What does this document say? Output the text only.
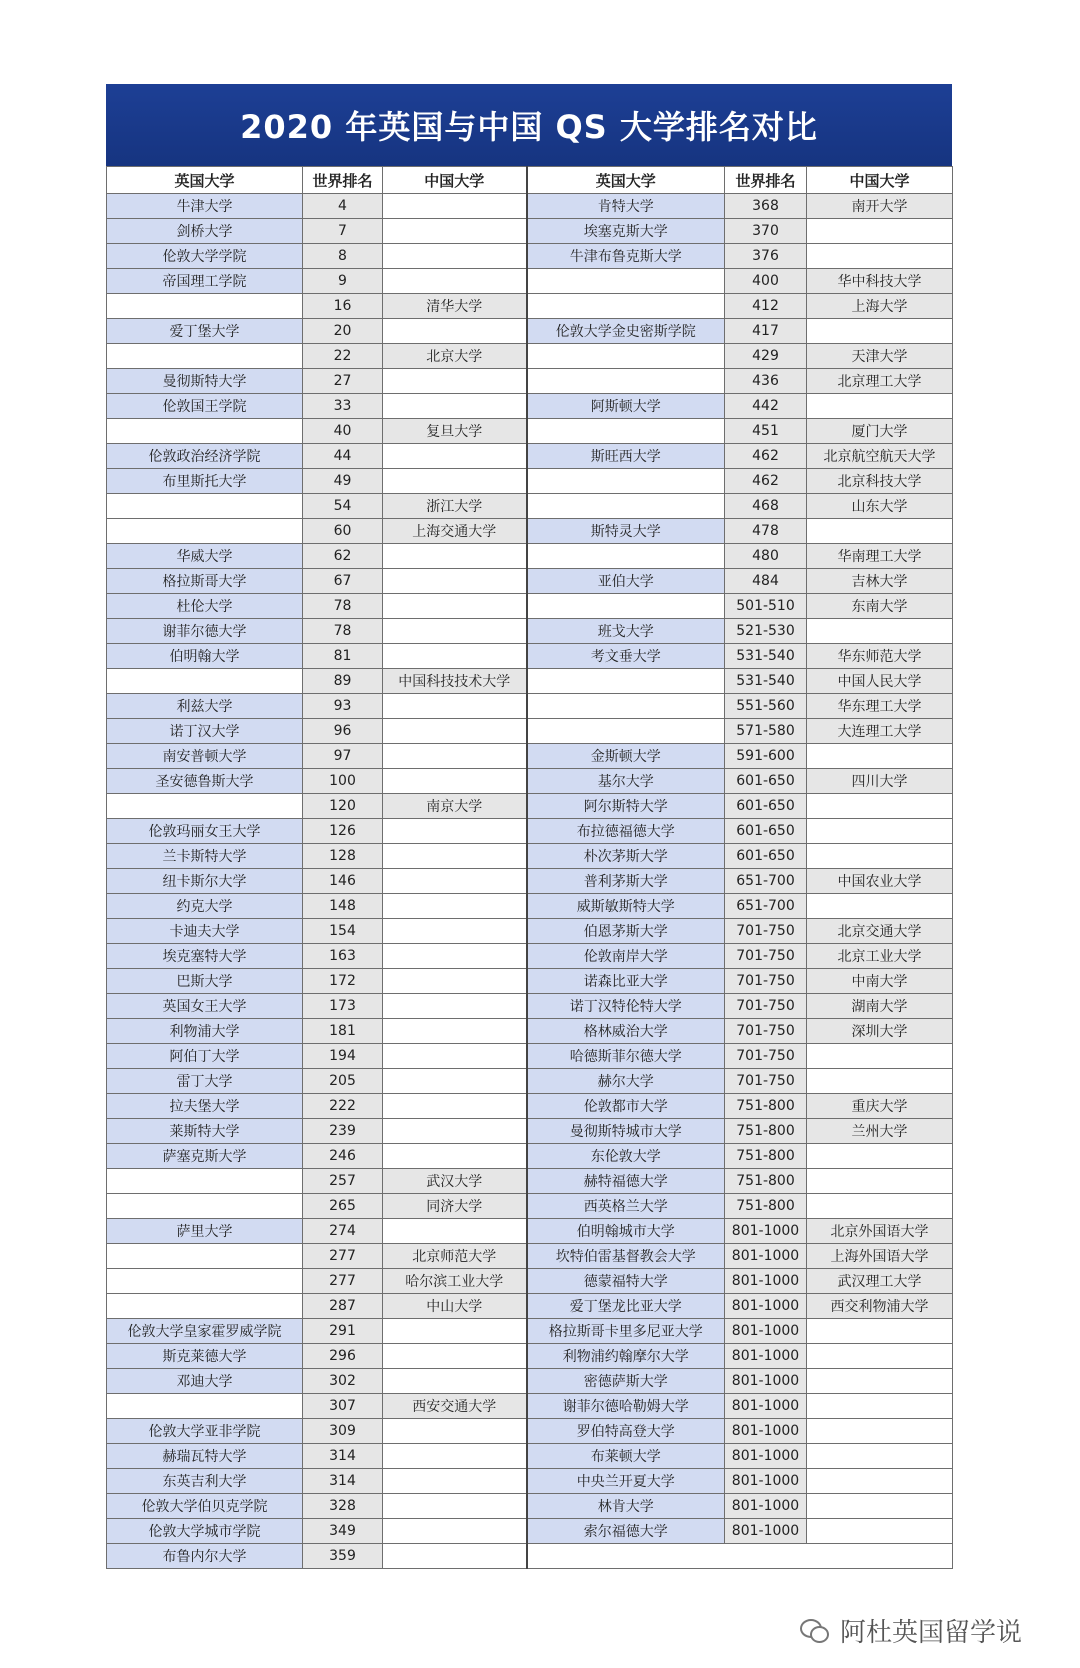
2020 年英国与中国 QS 大学排名对比
英国大学	世界排名	中国大学	英国大学	世界排名	中国大学
牛津大学	4		肯特大学	368	南开大学
剑桥大学	7		埃塞克斯大学	370	
伦敦大学学院	8		牛津布鲁克斯大学	376	
帝国理工学院	9			400	华中科技大学
	16	清华大学		412	上海大学
爱丁堡大学	20		伦敦大学金史密斯学院	417	
	22	北京大学		429	天津大学
曼彻斯特大学	27			436	北京理工大学
伦敦国王学院	33		阿斯顿大学	442	
	40	复旦大学		451	厦门大学
伦敦政治经济学院	44		斯旺西大学	462	北京航空航天大学
布里斯托大学	49			462	北京科技大学
	54	浙江大学		468	山东大学
	60	上海交通大学	斯特灵大学	478	
华威大学	62			480	华南理工大学
格拉斯哥大学	67		亚伯大学	484	吉林大学
杜伦大学	78			501-510	东南大学
谢菲尔德大学	78		班戈大学	521-530	
伯明翰大学	81		考文垂大学	531-540	华东师范大学
	89	中国科技技术大学		531-540	中国人民大学
利兹大学	93			551-560	华东理工大学
诺丁汉大学	96			571-580	大连理工大学
南安普顿大学	97		金斯顿大学	591-600	
圣安德鲁斯大学	100		基尔大学	601-650	四川大学
	120	南京大学	阿尔斯特大学	601-650	
伦敦玛丽女王大学	126		布拉德福德大学	601-650	
兰卡斯特大学	128		朴次茅斯大学	601-650	
纽卡斯尔大学	146		普利茅斯大学	651-700	中国农业大学
约克大学	148		威斯敏斯特大学	651-700	
卡迪夫大学	154		伯恩茅斯大学	701-750	北京交通大学
埃克塞特大学	163		伦敦南岸大学	701-750	北京工业大学
巴斯大学	172		诺森比亚大学	701-750	中南大学
英国女王大学	173		诺丁汉特伦特大学	701-750	湖南大学
利物浦大学	181		格林威治大学	701-750	深圳大学
阿伯丁大学	194		哈德斯菲尔德大学	701-750	
雷丁大学	205		赫尔大学	701-750	
拉夫堡大学	222		伦敦都市大学	751-800	重庆大学
莱斯特大学	239		曼彻斯特城市大学	751-800	兰州大学
萨塞克斯大学	246		东伦敦大学	751-800	
	257	武汉大学	赫特福德大学	751-800	
	265	同济大学	西英格兰大学	751-800	
萨里大学	274		伯明翰城市大学	801-1000	北京外国语大学
	277	北京师范大学	坎特伯雷基督教会大学	801-1000	上海外国语大学
	277	哈尔滨工业大学	德蒙福特大学	801-1000	武汉理工大学
	287	中山大学	爱丁堡龙比亚大学	801-1000	西交利物浦大学
伦敦大学皇家霍罗威学院	291		格拉斯哥卡里多尼亚大学	801-1000	
斯克莱德大学	296		利物浦约翰摩尔大学	801-1000	
邓迪大学	302		密德萨斯大学	801-1000	
	307	西安交通大学	谢菲尔德哈勒姆大学	801-1000	
伦敦大学亚非学院	309		罗伯特高登大学	801-1000	
赫瑞瓦特大学	314		布莱顿大学	801-1000	
东英吉利大学	314		中央兰开夏大学	801-1000	
伦敦大学伯贝克学院	328		林肯大学	801-1000	
伦敦大学城市学院	349		索尔福德大学	801-1000	
布鲁内尔大学	359				
阿杜英国留学说
